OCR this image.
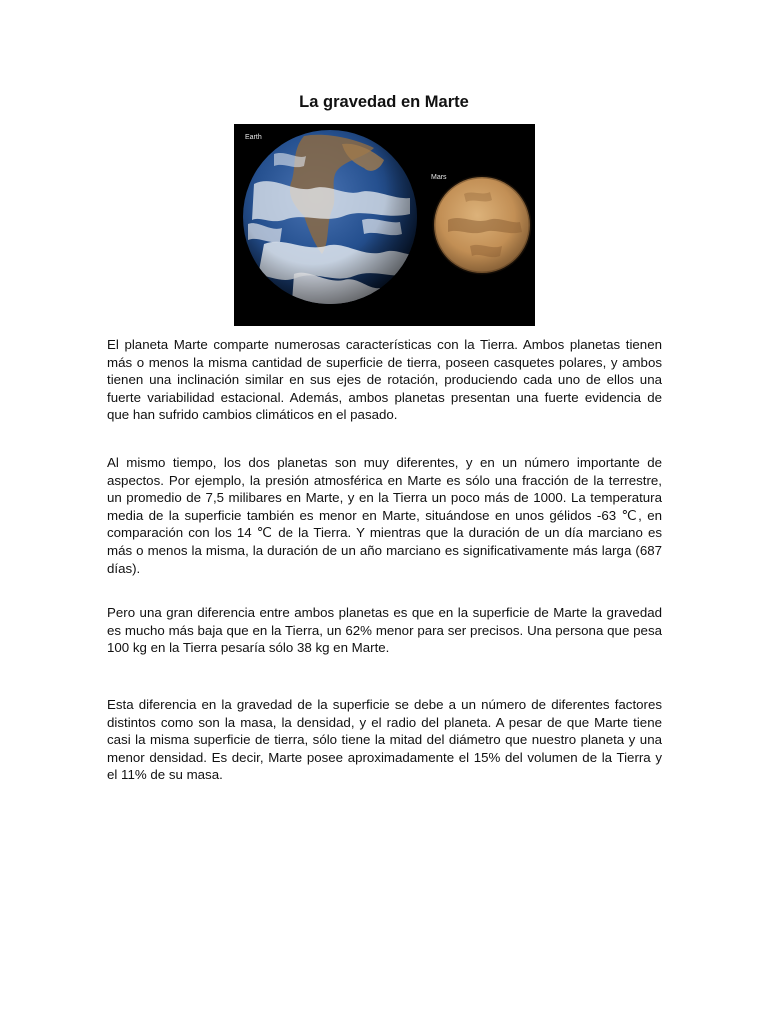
La gravedad en Marte
Earth
Mars

El planeta Marte comparte numerosas características con la Tierra. Ambos planetas tienen más o menos la misma cantidad de superficie de tierra, poseen casquetes polares, y ambos tienen una inclinación similar en sus ejes de rotación, produciendo cada uno de ellos una fuerte variabilidad estacional. Además, ambos planetas presentan una fuerte evidencia de que han sufrido cambios climáticos en el pasado.

Al mismo tiempo, los dos planetas son muy diferentes, y en un número importante de aspectos. Por ejemplo, la presión atmosférica en Marte es sólo una fracción de la terrestre, un promedio de 7,5 milibares en Marte, y en la Tierra un poco más de 1000. La temperatura media de la superficie también es menor en Marte, situándose en unos gélidos -63 ℃, en comparación con los 14 ℃ de la Tierra. Y mientras que la duración de un día marciano es más o menos la misma, la duración de un año marciano es significativamente más larga (687 días).

Pero una gran diferencia entre ambos planetas es que en la superficie de Marte la gravedad es mucho más baja que en la Tierra, un 62% menor para ser precisos. Una persona que pesa 100 kg en la Tierra pesaría sólo 38 kg en Marte.

Esta diferencia en la gravedad de la superficie se debe a un número de diferentes factores distintos como son la masa, la densidad, y el radio del planeta. A pesar de que Marte tiene casi la misma superficie de tierra, sólo tiene la mitad del diámetro que nuestro planeta y una menor densidad. Es decir, Marte posee aproximadamente el 15% del volumen de la Tierra y el 11% de su masa.
